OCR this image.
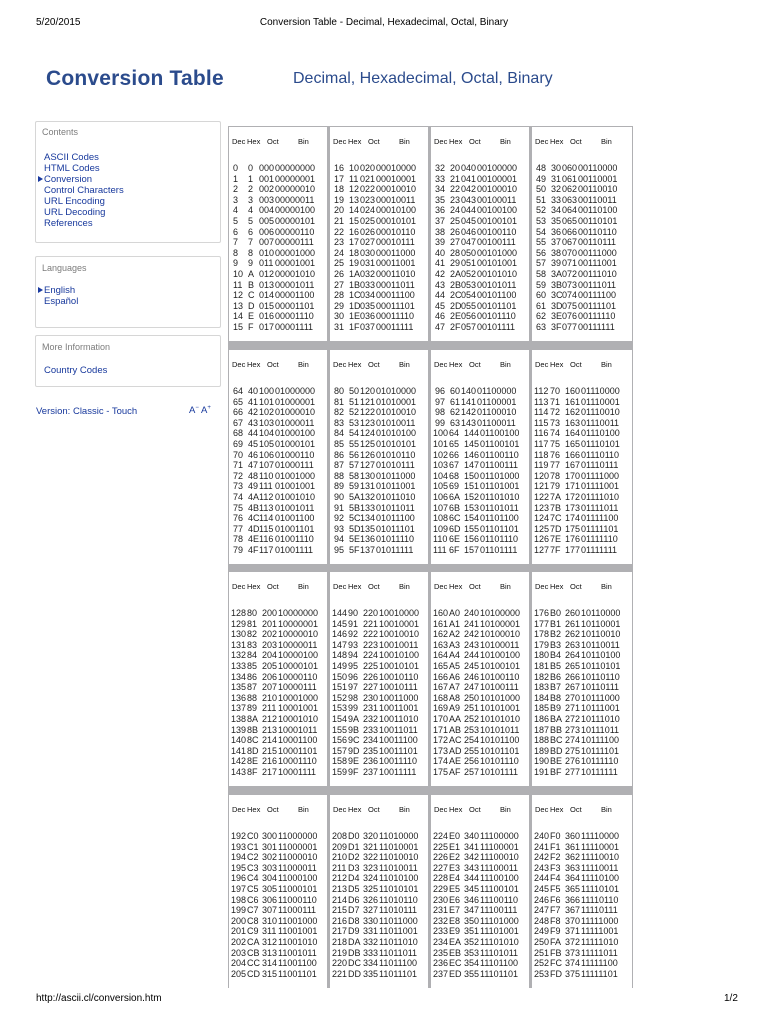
5/20/2015	Conversion Table - Decimal, Hexadecimal, Octal, Binary
Conversion Table	Decimal, Hexadecimal, Octal, Binary
Contents
ASCII Codes
HTML Codes
Conversion
Control Characters
URL Encoding
URL Decoding
References
Languages
English
Español
More Information
Country Codes
Version: Classic - Touch	A− A+
Dec Hex Oct	Bin
0 0 000 00000000
1 1 001 00000001
2 2 002 00000010
3 3 003 00000011
4 4 004 00000100
5 5 005 00000101
6 6 006 00000110
7 7 007 00000111
8 8 010 00001000
9 9 011 00001001
10 A 012 00001010
11 B 013 00001011
12 C 014 00001100
13 D 015 00001101
14 E 016 00001110
15 F 017 00001111
Dec Hex Oct	Bin
16 10 020 00010000
17 11 021 00010001
18 12 022 00010010
19 13 023 00010011
20 14 024 00010100
21 15 025 00010101
22 16 026 00010110
23 17 027 00010111
24 18 030 00011000
25 19 031 00011001
26 1A 032 00011010
27 1B 033 00011011
28 1C 034 00011100
29 1D 035 00011101
30 1E 036 00011110
31 1F 037 00011111
Dec Hex Oct	Bin
32 20 040 00100000
33 21 041 00100001
34 22 042 00100010
35 23 043 00100011
36 24 044 00100100
37 25 045 00100101
38 26 046 00100110
39 27 047 00100111
40 28 050 00101000
41 29 051 00101001
42 2A 052 00101010
43 2B 053 00101011
44 2C 054 00101100
45 2D 055 00101101
46 2E 056 00101110
47 2F 057 00101111
Dec Hex Oct	Bin
48 30 060 00110000
49 31 061 00110001
50 32 062 00110010
51 33 063 00110011
52 34 064 00110100
53 35 065 00110101
54 36 066 00110110
55 37 067 00110111
56 38 070 00111000
57 39 071 00111001
58 3A 072 00111010
59 3B 073 00111011
60 3C 074 00111100
61 3D 075 00111101
62 3E 076 00111110
63 3F 077 00111111
Dec Hex Oct	Bin
64 40 100 01000000
65 41 101 01000001
66 42 102 01000010
67 43 103 01000011
68 44 104 01000100
69 45 105 01000101
70 46 106 01000110
71 47 107 01000111
72 48 110 01001000
73 49 111 01001001
74 4A 112 01001010
75 4B 113 01001011
76 4C 114 01001100
77 4D 115 01001101
78 4E 116 01001110
79 4F 117 01001111
Dec Hex Oct	Bin
80 50 120 01010000
81 51 121 01010001
82 52 122 01010010
83 53 123 01010011
84 54 124 01010100
85 55 125 01010101
86 56 126 01010110
87 57 127 01010111
88 58 130 01011000
89 59 131 01011001
90 5A 132 01011010
91 5B 133 01011011
92 5C 134 01011100
93 5D 135 01011101
94 5E 136 01011110
95 5F 137 01011111
Dec Hex Oct	Bin
96 60 140 01100000
97 61 141 01100001
98 62 142 01100010
99 63 143 01100011
100 64 144 01100100
101 65 145 01100101
102 66 146 01100110
103 67 147 01100111
104 68 150 01101000
105 69 151 01101001
106 6A 152 01101010
107 6B 153 01101011
108 6C 154 01101100
109 6D 155 01101101
110 6E 156 01101110
111 6F 157 01101111
Dec Hex Oct	Bin
112 70 160 01110000
113 71 161 01110001
114 72 162 01110010
115 73 163 01110011
116 74 164 01110100
117 75 165 01110101
118 76 166 01110110
119 77 167 01110111
120 78 170 01111000
121 79 171 01111001
122 7A 172 01111010
123 7B 173 01111011
124 7C 174 01111100
125 7D 175 01111101
126 7E 176 01111110
127 7F 177 01111111
Dec Hex Oct	Bin
128 80 200 10000000
129 81 201 10000001
130 82 202 10000010
131 83 203 10000011
132 84 204 10000100
133 85 205 10000101
134 86 206 10000110
135 87 207 10000111
136 88 210 10001000
137 89 211 10001001
138 8A 212 10001010
139 8B 213 10001011
140 8C 214 10001100
141 8D 215 10001101
142 8E 216 10001110
143 8F 217 10001111
Dec Hex Oct	Bin
144 90 220 10010000
145 91 221 10010001
146 92 222 10010010
147 93 223 10010011
148 94 224 10010100
149 95 225 10010101
150 96 226 10010110
151 97 227 10010111
152 98 230 10011000
153 99 231 10011001
154 9A 232 10011010
155 9B 233 10011011
156 9C 234 10011100
157 9D 235 10011101
158 9E 236 10011110
159 9F 237 10011111
Dec Hex Oct	Bin
160 A0 240 10100000
161 A1 241 10100001
162 A2 242 10100010
163 A3 243 10100011
164 A4 244 10100100
165 A5 245 10100101
166 A6 246 10100110
167 A7 247 10100111
168 A8 250 10101000
169 A9 251 10101001
170 AA 252 10101010
171 AB 253 10101011
172 AC 254 10101100
173 AD 255 10101101
174 AE 256 10101110
175 AF 257 10101111
Dec Hex Oct	Bin
176 B0 260 10110000
177 B1 261 10110001
178 B2 262 10110010
179 B3 263 10110011
180 B4 264 10110100
181 B5 265 10110101
182 B6 266 10110110
183 B7 267 10110111
184 B8 270 10111000
185 B9 271 10111001
186 BA 272 10111010
187 BB 273 10111011
188 BC 274 10111100
189 BD 275 10111101
190 BE 276 10111110
191 BF 277 10111111
Dec Hex Oct	Bin
192 C0 300 11000000
193 C1 301 11000001
194 C2 302 11000010
195 C3 303 11000011
196 C4 304 11000100
197 C5 305 11000101
198 C6 306 11000110
199 C7 307 11000111
200 C8 310 11001000
201 C9 311 11001001
202 CA 312 11001010
203 CB 313 11001011
204 CC 314 11001100
205 CD 315 11001101
Dec Hex Oct	Bin
208 D0 320 11010000
209 D1 321 11010001
210 D2 322 11010010
211 D3 323 11010011
212 D4 324 11010100
213 D5 325 11010101
214 D6 326 11010110
215 D7 327 11010111
216 D8 330 11011000
217 D9 331 11011001
218 DA 332 11011010
219 DB 333 11011011
220 DC 334 11011100
221 DD 335 11011101
Dec Hex Oct	Bin
224 E0 340 11100000
225 E1 341 11100001
226 E2 342 11100010
227 E3 343 11100011
228 E4 344 11100100
229 E5 345 11100101
230 E6 346 11100110
231 E7 347 11100111
232 E8 350 11101000
233 E9 351 11101001
234 EA 352 11101010
235 EB 353 11101011
236 EC 354 11101100
237 ED 355 11101101
Dec Hex Oct	Bin
240 F0 360 11110000
241 F1 361 11110001
242 F2 362 11110010
243 F3 363 11110011
244 F4 364 11110100
245 F5 365 11110101
246 F6 366 11110110
247 F7 367 11110111
248 F8 370 11111000
249 F9 371 11111001
250 FA 372 11111010
251 FB 373 11111011
252 FC 374 11111100
253 FD 375 11111101
http://ascii.cl/conversion.htm	1/2
